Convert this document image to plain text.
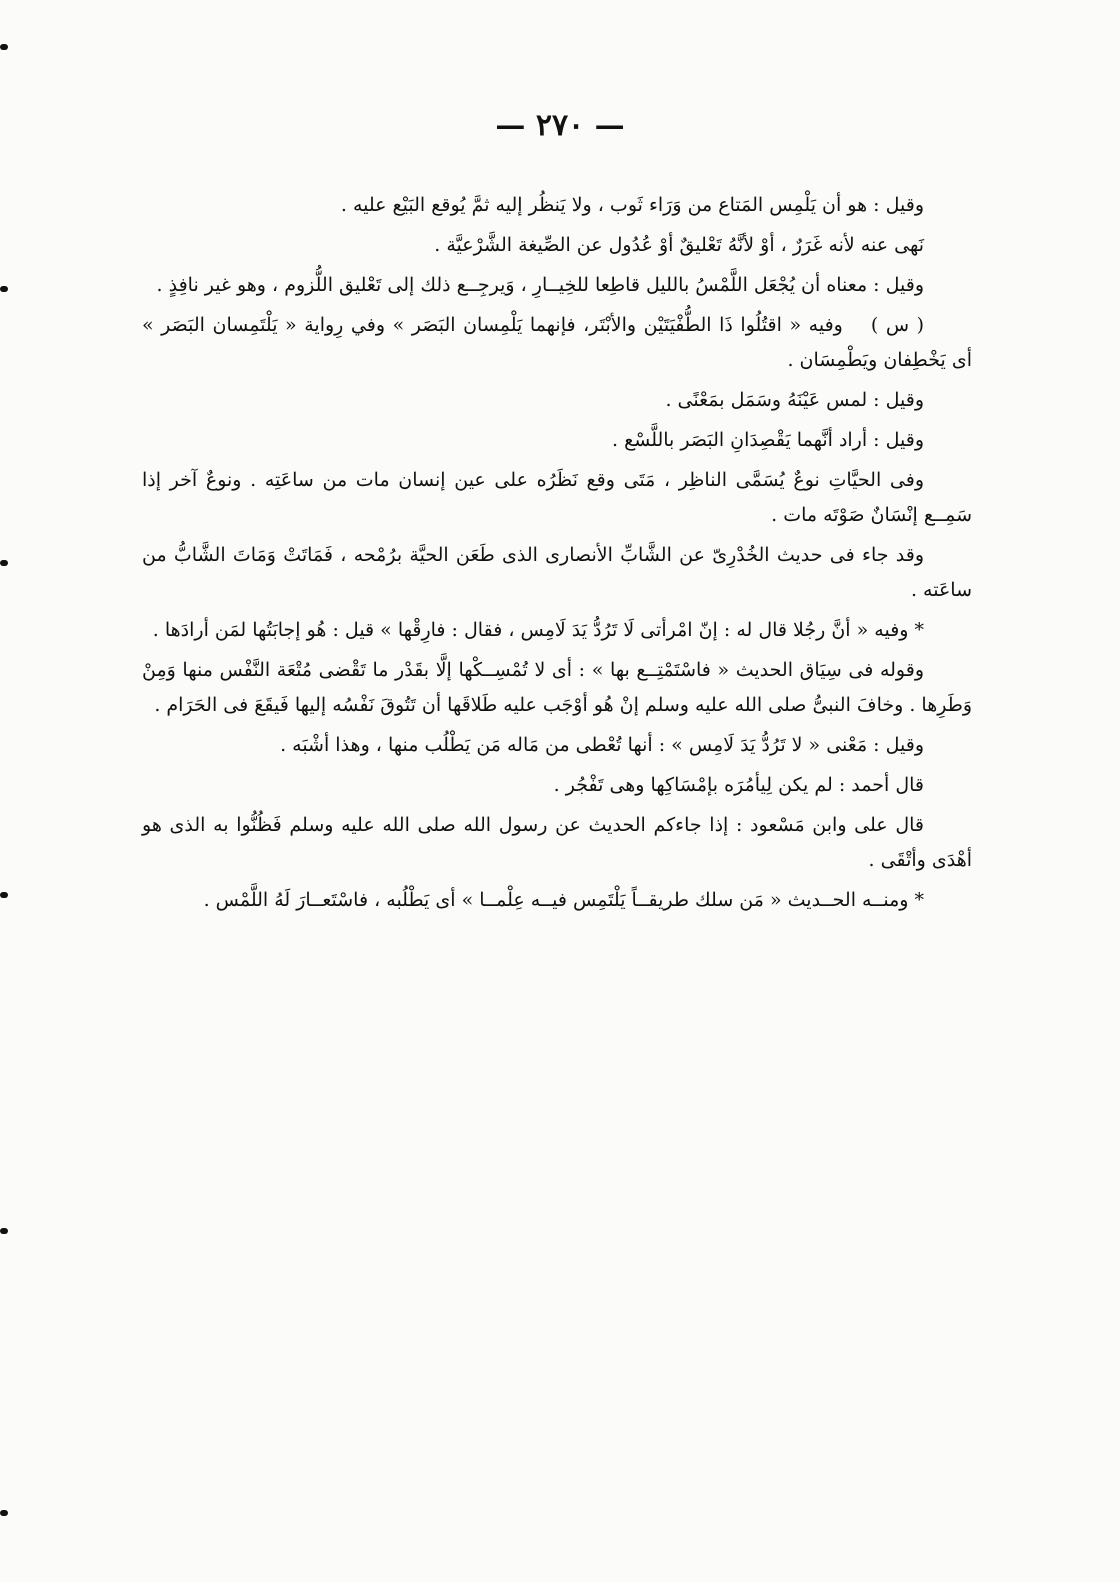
— ٢٧٠ —

وقيل : هو أن يَلْمِس المَتاع من وَرَاء ثَوب ، ولا يَنظُر إليه ثمَّ يُوقع البَيْع عليه .

نَهى عنه لأنه غَرَرٌ ، أوْ لأنَّهُ تَعْليقٌ أوْ عُدُول عن الصِّيغة الشَّرْعيَّة .

وقيل : معناه أن يُجْعَل اللَّمْسُ بالليل قاطِعا للخِيــارِ ، وَيرجِــع ذلك إلى تَعْليق اللُّزوم ، وهو غير نافِذٍ .

( س )وفيه « اقتُلُوا ذَا الطُّفْيَتَيْن والأبْتَر، فإنهما يَلْمِسان البَصَر » وفي رِواية « يَلْتَمِسان البَصَر » أى يَخْطِفان ويَطْمِسَان .

وقيل : لمس عَيْنَهُ وسَمَل بمَعْنًى .

وقيل : أراد أنَّهما يَقْصِدَانِ البَصَر باللَّسْع .

وفى الحيَّاتِ نوعٌ يُسَمَّى الناظِر ، مَتَى وقع نَظَرُه على عين إنسان مات من ساعَتِه . ونوعٌ آخر إذا سَمِــع إنْسَانٌ صَوْتَه مات .

وقد جاء فى حديث الخُدْرِىّ عن الشَّابِّ الأنصارى الذى طَعَن الحيَّة برُمْحه ، فَمَاتَتْ وَمَاتَ الشَّابُّ من ساعَته .

* وفيه « أنَّ رجُلا قال له : إنّ امْرأتى لَا تَرُدُّ يَدَ لَامِس ، فقال : فارِقْها » قيل : هُو إجابَتُها لمَن أرادَها .

وقوله فى سِيَاق الحديث « فاسْتَمْتِــع بها » : أى لا تُمْسِــكْها إلَّا بقَدْر ما تَقْضى مُتْعَة النَّفْس منها وَمِنْ وَطَرِها . وخافَ النبىُّ صلى الله عليه وسلم إنْ هُو أوْجَب عليه طَلاقَها أن تَتُوقَ نَفْسُه إليها فَيقَعَ فى الحَرَام .

وقيل : مَعْنى « لا تَرُدُّ يَدَ لَامِس » : أنها تُعْطى من مَاله مَن يَطْلُب منها ، وهذا أشْبَه .

قال أحمد : لم يكن لِيأمُرَه بإمْسَاكِها وهى تَفْجُر .

قال على وابن مَسْعود : إذا جاءكم الحديث عن رسول الله صلى الله عليه وسلم فَظُنُّوا به الذى هو أهْدَى وأتْقَى .

* ومنــه الحــديث « مَن سلك طريقــاً يَلْتَمِس فيــه عِلْمــا » أى يَطْلُبه ، فاسْتَعــارَ لَهُ اللَّمْس .
